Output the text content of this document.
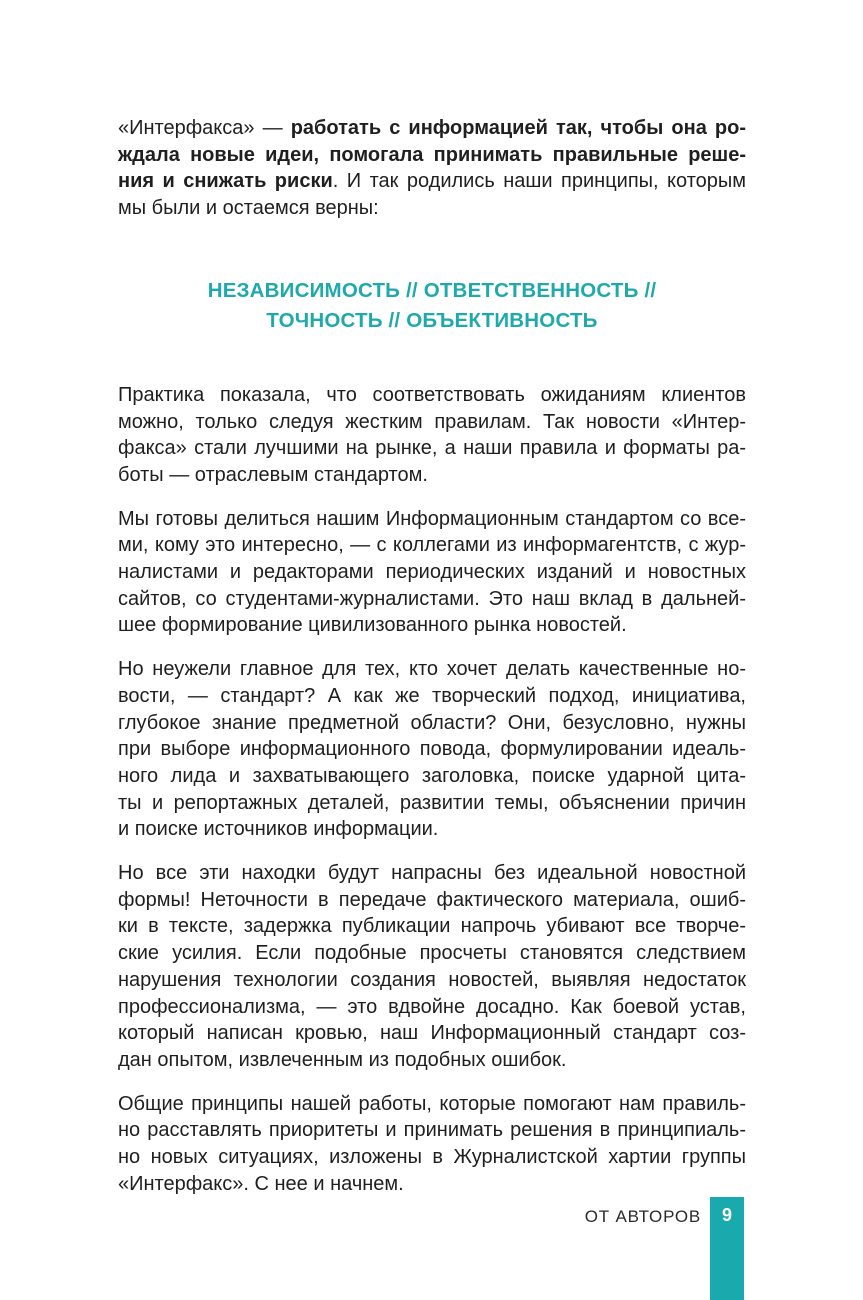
«Интерфакса» — работать с информацией так, чтобы она ро-
ждала новые идеи, помогала принимать правильные реше-
ния и снижать риски. И так родились наши принципы, которым
мы были и остаемся верны:
НЕЗАВИСИМОСТЬ // ОТВЕТСТВЕННОСТЬ //
ТОЧНОСТЬ // ОБЪЕКТИВНОСТЬ
Практика показала, что соответствовать ожиданиям клиентов
можно, только следуя жестким правилам. Так новости «Интер-
факса» стали лучшими на рынке, а наши правила и форматы ра-
боты — отраслевым стандартом.
Мы готовы делиться нашим Информационным стандартом со все-
ми, кому это интересно, — с коллегами из информагентств, с жур-
налистами и редакторами периодических изданий и новостных
сайтов, со студентами-журналистами. Это наш вклад в дальней-
шее формирование цивилизованного рынка новостей.
Но неужели главное для тех, кто хочет делать качественные но-
вости, — стандарт? А как же творческий подход, инициатива,
глубокое знание предметной области? Они, безусловно, нужны
при выборе информационного повода, формулировании идеаль-
ного лида и захватывающего заголовка, поиске ударной цита-
ты и репортажных деталей, развитии темы, объяснении причин
и поиске источников информации.
Но все эти находки будут напрасны без идеальной новостной
формы! Неточности в передаче фактического материала, ошиб-
ки в тексте, задержка публикации напрочь убивают все творче-
ские усилия. Если подобные просчеты становятся следствием
нарушения технологии создания новостей, выявляя недостаток
профессионализма, — это вдвойне досадно. Как боевой устав,
который написан кровью, наш Информационный стандарт соз-
дан опытом, извлеченным из подобных ошибок.
Общие принципы нашей работы, которые помогают нам правиль-
но расставлять приоритеты и принимать решения в принципиаль-
но новых ситуациях, изложены в Журналистской хартии группы
«Интерфакс». С нее и начнем.
ОТ АВТОРОВ	9
